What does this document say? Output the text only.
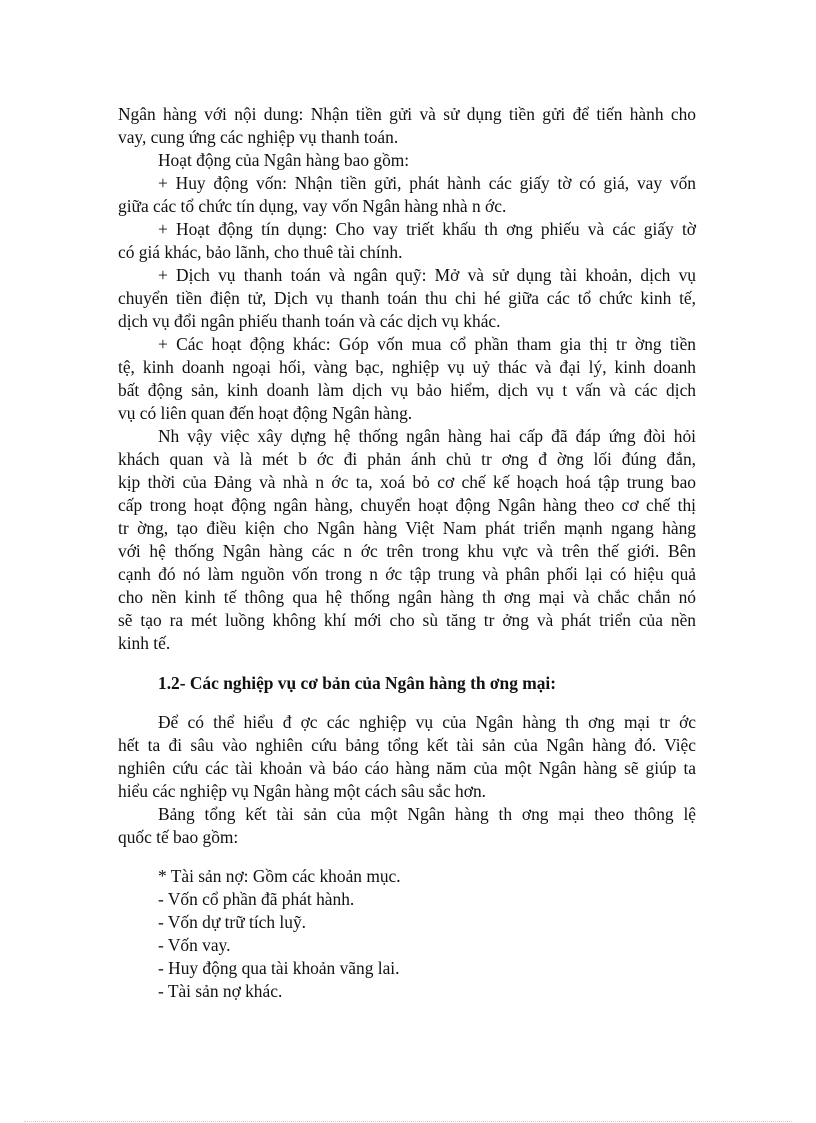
Ngân hàng với nội dung: Nhận tiền gửi và sử dụng tiền gửi để tiến hành cho
vay, cung ứng các nghiệp vụ thanh toán.
Hoạt động của Ngân hàng bao gồm:
+ Huy động vốn: Nhận tiền gửi, phát hành các giấy tờ có giá, vay vốn
giữa các tổ chức tín dụng, vay vốn Ngân hàng nhà n ớc.
+ Hoạt động tín dụng: Cho vay triết khấu th ơng phiếu và các giấy tờ
có giá khác, bảo lãnh, cho thuê tài chính.
+ Dịch vụ thanh toán và ngân quỹ: Mở và sử dụng tài khoản, dịch vụ
chuyển tiền điện tử, Dịch vụ thanh toán thu chi hé giữa các tổ chức kinh tế,
dịch vụ đổi ngân phiếu thanh toán và các dịch vụ khác.
+ Các hoạt động khác: Góp vốn mua cổ phần tham gia thị tr ờng tiền
tệ, kinh doanh ngoại hối, vàng bạc, nghiệp vụ uỷ thác và đại lý, kinh doanh
bất động sản, kinh doanh làm dịch vụ bảo hiểm, dịch vụ t vấn và các dịch
vụ có liên quan đến hoạt động Ngân hàng.
Nh vậy việc xây dựng hệ thống ngân hàng hai cấp đã đáp ứng đòi hỏi
khách quan và là mét b ớc đi phản ánh chủ tr ơng đ ờng lối đúng đắn,
kịp thời của Đảng và nhà n ớc ta, xoá bỏ cơ chế kế hoạch hoá tập trung bao
cấp trong hoạt động ngân hàng, chuyển hoạt động Ngân hàng theo cơ chế thị
tr ờng, tạo điều kiện cho Ngân hàng Việt Nam phát triển mạnh ngang hàng
với hệ thống Ngân hàng các n ớc trên trong khu vực và trên thế giới. Bên
cạnh đó nó làm nguồn vốn trong n ớc tập trung và phân phối lại có hiệu quả
cho nền kinh tế thông qua hệ thống ngân hàng th ơng mại và chắc chắn nó
sẽ tạo ra mét luồng không khí mới cho sù tăng tr ởng và phát triển của nền
kinh tế.
1.2- Các nghiệp vụ cơ bản của Ngân hàng th ơng mại:
Để có thể hiểu đ ợc các nghiệp vụ của Ngân hàng th ơng mại tr ớc
hết ta đi sâu vào nghiên cứu bảng tổng kết tài sản của Ngân hàng đó. Việc
nghiên cứu các tài khoản và báo cáo hàng năm của một Ngân hàng sẽ giúp ta
hiểu các nghiệp vụ Ngân hàng một cách sâu sắc hơn.
Bảng tổng kết tài sản của một Ngân hàng th ơng mại theo thông lệ
quốc tế bao gồm:
* Tài sản nợ: Gồm các khoản mục.
- Vốn cổ phần đã phát hành.
- Vốn dự trữ tích luỹ.
- Vốn vay.
- Huy động qua tài khoản vãng lai.
- Tài sản nợ khác.
